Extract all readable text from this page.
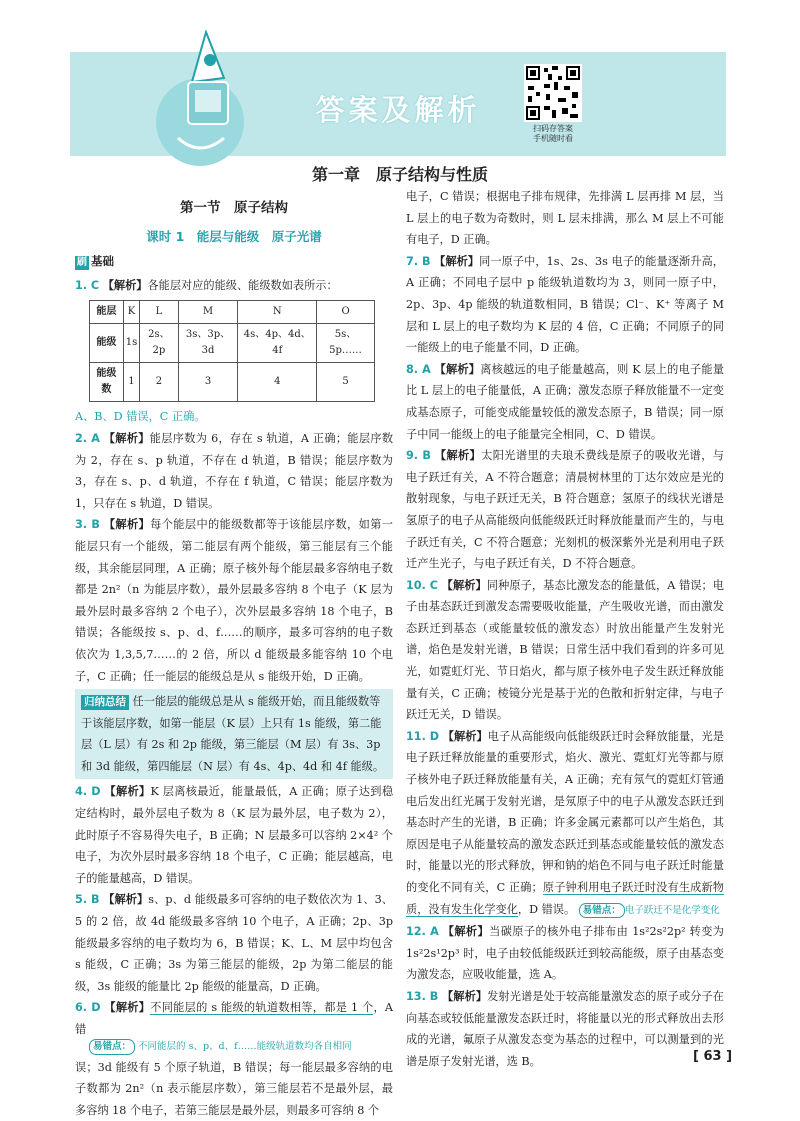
答案及解析
扫码存答案
手机随时看
第一章　原子结构与性质
第一节　原子结构
课时 1　能层与能级　原子光谱
刷 基础

1. C 【解析】各能层对应的能级、能级数如表所示：

能层	K	L	M	N	O
能级	1s	2s、2p	3s、3p、3d	4s、4p、4d、4f	5s、5p……
能级数	1	2	3	4	5

A、B、D 错误，C 正确。

2. A 【解析】能层序数为 6，存在 s 轨道，A 正确；能层序数为 2，存在 s、p 轨道，不存在 d 轨道，B 错误；能层序数为 3，存在 s、p、d 轨道，不存在 f 轨道，C 错误；能层序数为 1，只存在 s 轨道，D 错误。

3. B 【解析】每个能层中的能级数都等于该能层序数，如第一能层只有一个能级，第二能层有两个能级，第三能层有三个能级，其余能层同理，A 正确；原子核外每个能层最多容纳电子数都是 2n²（n 为能层序数），最外层最多容纳 8 个电子（K 层为最外层时最多容纳 2 个电子），次外层最多容纳 18 个电子，B 错误；各能级按 s、p、d、f……的顺序，最多可容纳的电子数依次为 1,3,5,7……的 2 倍，所以 d 能级最多能容纳 10 个电子，C 正确；任一能层的能级总是从 s 能级开始，D 正确。

归纳总结 任一能层的能级总是从 s 能级开始，而且能级数等于该能层序数，如第一能层（K 层）上只有 1s 能级，第二能层（L 层）有 2s 和 2p 能级，第三能层（M 层）有 3s、3p 和 3d 能级，第四能层（N 层）有 4s、4p、4d 和 4f 能级。

4. D 【解析】K 层离核最近，能量最低，A 正确；原子达到稳定结构时，最外层电子数为 8（K 层为最外层，电子数为 2），此时原子不容易得失电子，B 正确；N 层最多可以容纳 2×4² 个电子，为次外层时最多容纳 18 个电子，C 正确；能层越高，电子的能量越高，D 错误。

5. B 【解析】s、p、d 能级最多可容纳的电子数依次为 1、3、5 的 2 倍，故 4d 能级最多容纳 10 个电子，A 正确；2p、3p 能级最多容纳的电子数均为 6，B 错误；K、L、M 层中均包含 s 能级，C 正确；3s 为第三能层的能级，2p 为第二能层的能级，3s 能级的能量比 2p 能级的能量高，D 正确。

6. D 【解析】不同能层的 s 能级的轨道数相等，都是 1 个，A 错

易错点： 不同能层的 s、p、d、f……能级轨道数均各自相同

误；3d 能级有 5 个原子轨道，B 错误；每一能层最多容纳的电子数都为 2n²（n 表示能层序数），第三能层若不是最外层，最多容纳 18 个电子，若第三能层是最外层，则最多可容纳 8 个

电子，C 错误；根据电子排布规律，先排满 L 层再排 M 层，当 L 层上的电子数为奇数时，则 L 层未排满，那么 M 层上不可能有电子，D 正确。

7. B 【解析】同一原子中，1s、2s、3s 电子的能量逐渐升高，A 正确；不同电子层中 p 能级轨道数均为 3，则同一原子中，2p、3p、4p 能级的轨道数相同，B 错误；Cl⁻、K⁺ 等离子 M 层和 L 层上的电子数均为 K 层的 4 倍，C 正确；不同原子的同一能级上的电子能量不同，D 正确。

8. A 【解析】离核越远的电子能量越高，则 K 层上的电子能量比 L 层上的电子能量低，A 正确；激发态原子释放能量不一定变成基态原子，可能变成能量较低的激发态原子，B 错误；同一原子中同一能级上的电子能量完全相同，C、D 错误。

9. B 【解析】太阳光谱里的夫琅禾费线是原子的吸收光谱，与电子跃迁有关，A 不符合题意；清晨树林里的丁达尔效应是光的散射现象，与电子跃迁无关，B 符合题意；氢原子的线状光谱是氢原子的电子从高能级向低能级跃迁时释放能量而产生的，与电子跃迁有关，C 不符合题意；光刻机的极深紫外光是利用电子跃迁产生光子，与电子跃迁有关，D 不符合题意。

10. C 【解析】同种原子，基态比激发态的能量低，A 错误；电子由基态跃迁到激发态需要吸收能量，产生吸收光谱，而由激发态跃迁到基态（或能量较低的激发态）时放出能量产生发射光谱，焰色是发射光谱，B 错误；日常生活中我们看到的许多可见光，如霓虹灯光、节日焰火，都与原子核外电子发生跃迁释放能量有关，C 正确；棱镜分光是基于光的色散和折射定律，与电子跃迁无关，D 错误。

11. D 【解析】电子从高能级向低能级跃迁时会释放能量，光是电子跃迁释放能量的重要形式，焰火、激光、霓虹灯光等都与原子核外电子跃迁释放能量有关，A 正确；充有氖气的霓虹灯管通电后发出红光属于发射光谱，是氖原子中的电子从激发态跃迁到基态时产生的光谱，B 正确；许多金属元素都可以产生焰色，其原因是电子从能量较高的激发态跃迁到基态或能量较低的激发态时，能量以光的形式释放，钾和钠的焰色不同与电子跃迁时能量的变化不同有关，C 正确；原子钟利用电子跃迁时没有生成新物质，没有发生化学变化，D 错误。 易错点： 电子跃迁不是化学变化

12. A 【解析】当碳原子的核外电子排布由 1s²2s²2p² 转变为 1s²2s¹2p³ 时，电子由较低能级跃迁到较高能级，原子由基态变为激发态，应吸收能量，选 A。

13. B 【解析】发射光谱是处于较高能量激发态的原子或分子在向基态或较低能量激发态跃迁时，将能量以光的形式释放出去形成的光谱，氟原子从激发态变为基态的过程中，可以测量到的光谱是原子发射光谱，选 B。	[ 63 ]
